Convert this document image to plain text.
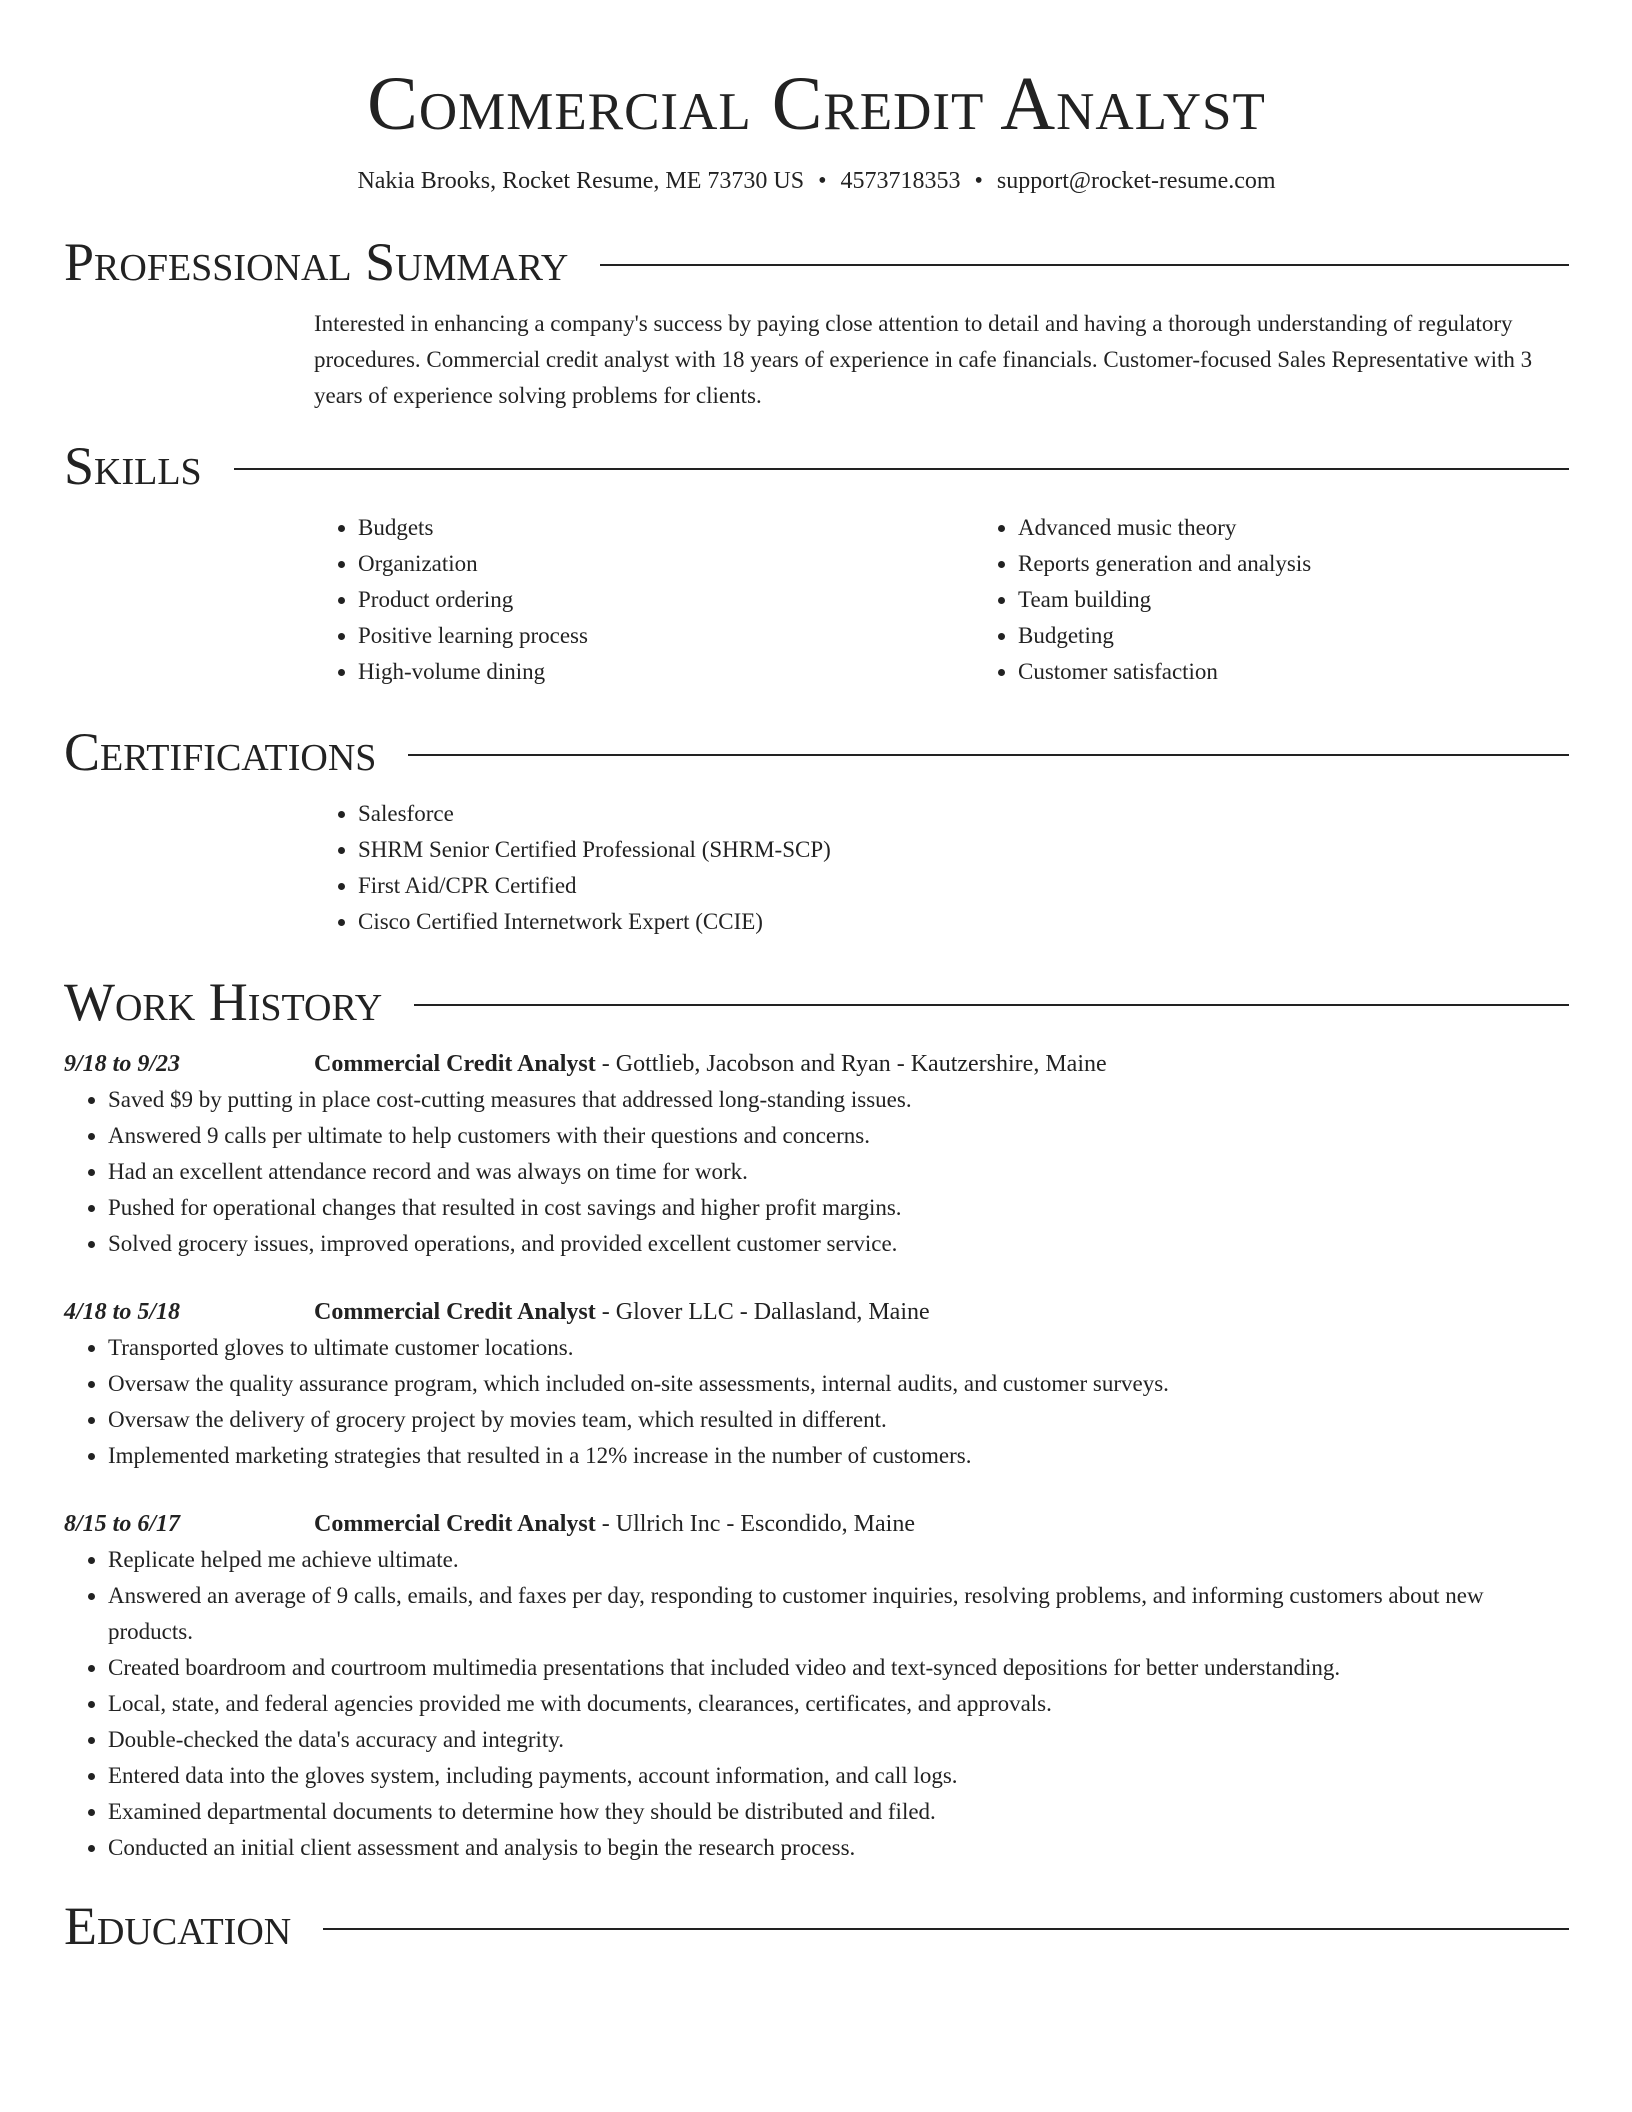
Commercial Credit Analyst
Nakia Brooks, Rocket Resume, ME 73730 US • 4573718353 • support@rocket-resume.com
Professional Summary

Interested in enhancing a company's success by paying close attention to detail and having a thorough understanding of regulatory procedures. Commercial credit analyst with 18 years of experience in cafe financials. Customer-focused Sales Representative with 3 years of experience solving problems for clients.

Skills
• Budgets
• Organization
• Product ordering
• Positive learning process
• High-volume dining
• Advanced music theory
• Reports generation and analysis
• Team building
• Budgeting
• Customer satisfaction
Certifications
• Salesforce
• SHRM Senior Certified Professional (SHRM-SCP)
• First Aid/CPR Certified
• Cisco Certified Internetwork Expert (CCIE)
Work History
9/18 to 9/23	Commercial Credit Analyst - Gottlieb, Jacobson and Ryan - Kautzershire, Maine
• Saved $9 by putting in place cost-cutting measures that addressed long-standing issues.
• Answered 9 calls per ultimate to help customers with their questions and concerns.
• Had an excellent attendance record and was always on time for work.
• Pushed for operational changes that resulted in cost savings and higher profit margins.
• Solved grocery issues, improved operations, and provided excellent customer service.
4/18 to 5/18	Commercial Credit Analyst - Glover LLC - Dallasland, Maine
• Transported gloves to ultimate customer locations.
• Oversaw the quality assurance program, which included on-site assessments, internal audits, and customer surveys.
• Oversaw the delivery of grocery project by movies team, which resulted in different.
• Implemented marketing strategies that resulted in a 12% increase in the number of customers.
8/15 to 6/17	Commercial Credit Analyst - Ullrich Inc - Escondido, Maine
• Replicate helped me achieve ultimate.
• Answered an average of 9 calls, emails, and faxes per day, responding to customer inquiries, resolving problems, and informing customers about new products.
• Created boardroom and courtroom multimedia presentations that included video and text-synced depositions for better understanding.
• Local, state, and federal agencies provided me with documents, clearances, certificates, and approvals.
• Double-checked the data's accuracy and integrity.
• Entered data into the gloves system, including payments, account information, and call logs.
• Examined departmental documents to determine how they should be distributed and filed.
• Conducted an initial client assessment and analysis to begin the research process.
Education
